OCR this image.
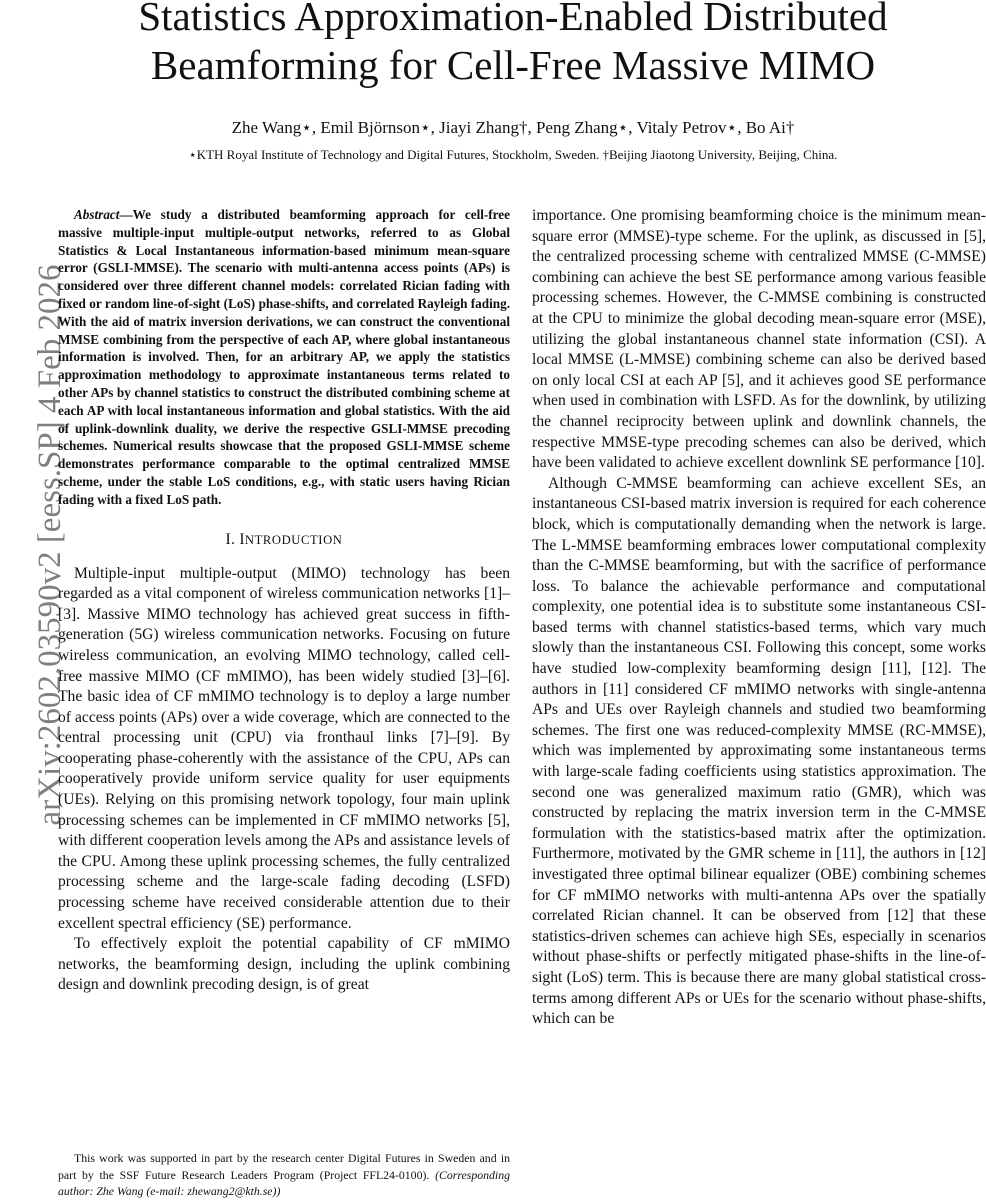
Statistics Approximation-Enabled Distributed
Beamforming for Cell-Free Massive MIMO
Zhe Wang⋆, Emil Björnson⋆, Jiayi Zhang†, Peng Zhang⋆, Vitaly Petrov⋆, Bo Ai†
⋆KTH Royal Institute of Technology and Digital Futures, Stockholm, Sweden. †Beijing Jiaotong University, Beijing, China.
arXiv:2602.03590v2 [eess.SP] 4 Feb 2026

Abstract—We study a distributed beamforming approach for cell-free massive multiple-input multiple-output networks, referred to as Global Statistics & Local Instantaneous information-based minimum mean-square error (GSLI-MMSE). The scenario with multi-antenna access points (APs) is considered over three different channel models: correlated Rician fading with fixed or random line-of-sight (LoS) phase-shifts, and correlated Rayleigh fading. With the aid of matrix inversion derivations, we can construct the conventional MMSE combining from the perspective of each AP, where global instantaneous information is involved. Then, for an arbitrary AP, we apply the statistics approximation methodology to approximate instantaneous terms related to other APs by channel statistics to construct the distributed combining scheme at each AP with local instantaneous information and global statistics. With the aid of uplink-downlink duality, we derive the respective GSLI-MMSE precoding schemes. Numerical results showcase that the proposed GSLI-MMSE scheme demonstrates performance comparable to the optimal centralized MMSE scheme, under the stable LoS conditions, e.g., with static users having Rician fading with a fixed LoS path.

I. INTRODUCTION

Multiple-input multiple-output (MIMO) technology has been regarded as a vital component of wireless communication networks [1]–[3]. Massive MIMO technology has achieved great success in fifth-generation (5G) wireless communication networks. Focusing on future wireless communication, an evolving MIMO technology, called cell-free massive MIMO (CF mMIMO), has been widely studied [3]–[6]. The basic idea of CF mMIMO technology is to deploy a large number of access points (APs) over a wide coverage, which are connected to the central processing unit (CPU) via fronthaul links [7]–[9]. By cooperating phase-coherently with the assistance of the CPU, APs can cooperatively provide uniform service quality for user equipments (UEs). Relying on this promising network topology, four main uplink processing schemes can be implemented in CF mMIMO networks [5], with different cooperation levels among the APs and assistance levels of the CPU. Among these uplink processing schemes, the fully centralized processing scheme and the large-scale fading decoding (LSFD) processing scheme have received considerable attention due to their excellent spectral efficiency (SE) performance.

To effectively exploit the potential capability of CF mMIMO networks, the beamforming design, including the uplink combining design and downlink precoding design, is of great

importance. One promising beamforming choice is the minimum mean-square error (MMSE)-type scheme. For the uplink, as discussed in [5], the centralized processing scheme with centralized MMSE (C-MMSE) combining can achieve the best SE performance among various feasible processing schemes. However, the C-MMSE combining is constructed at the CPU to minimize the global decoding mean-square error (MSE), utilizing the global instantaneous channel state information (CSI). A local MMSE (L-MMSE) combining scheme can also be derived based on only local CSI at each AP [5], and it achieves good SE performance when used in combination with LSFD. As for the downlink, by utilizing the channel reciprocity between uplink and downlink channels, the respective MMSE-type precoding schemes can also be derived, which have been validated to achieve excellent downlink SE performance [10].

Although C-MMSE beamforming can achieve excellent SEs, an instantaneous CSI-based matrix inversion is required for each coherence block, which is computationally demanding when the network is large. The L-MMSE beamforming embraces lower computational complexity than the C-MMSE beamforming, but with the sacrifice of performance loss. To balance the achievable performance and computational complexity, one potential idea is to substitute some instantaneous CSI-based terms with channel statistics-based terms, which vary much slowly than the instantaneous CSI. Following this concept, some works have studied low-complexity beamforming design [11], [12]. The authors in [11] considered CF mMIMO networks with single-antenna APs and UEs over Rayleigh channels and studied two beamforming schemes. The first one was reduced-complexity MMSE (RC-MMSE), which was implemented by approximating some instantaneous terms with large-scale fading coefficients using statistics approximation. The second one was generalized maximum ratio (GMR), which was constructed by replacing the matrix inversion term in the C-MMSE formulation with the statistics-based matrix after the optimization. Furthermore, motivated by the GMR scheme in [11], the authors in [12] investigated three optimal bilinear equalizer (OBE) combining schemes for CF mMIMO networks with multi-antenna APs over the spatially correlated Rician channel. It can be observed from [12] that these statistics-driven schemes can achieve high SEs, especially in scenarios without phase-shifts or perfectly mitigated phase-shifts in the line-of-sight (LoS) term. This is because there are many global statistical cross-terms among different APs or UEs for the scenario without phase-shifts, which can be

This work was supported in part by the research center Digital Futures in Sweden and in part by the SSF Future Research Leaders Program (Project FFL24-0100). (Corresponding author: Zhe Wang (e-mail: zhewang2@kth.se))
